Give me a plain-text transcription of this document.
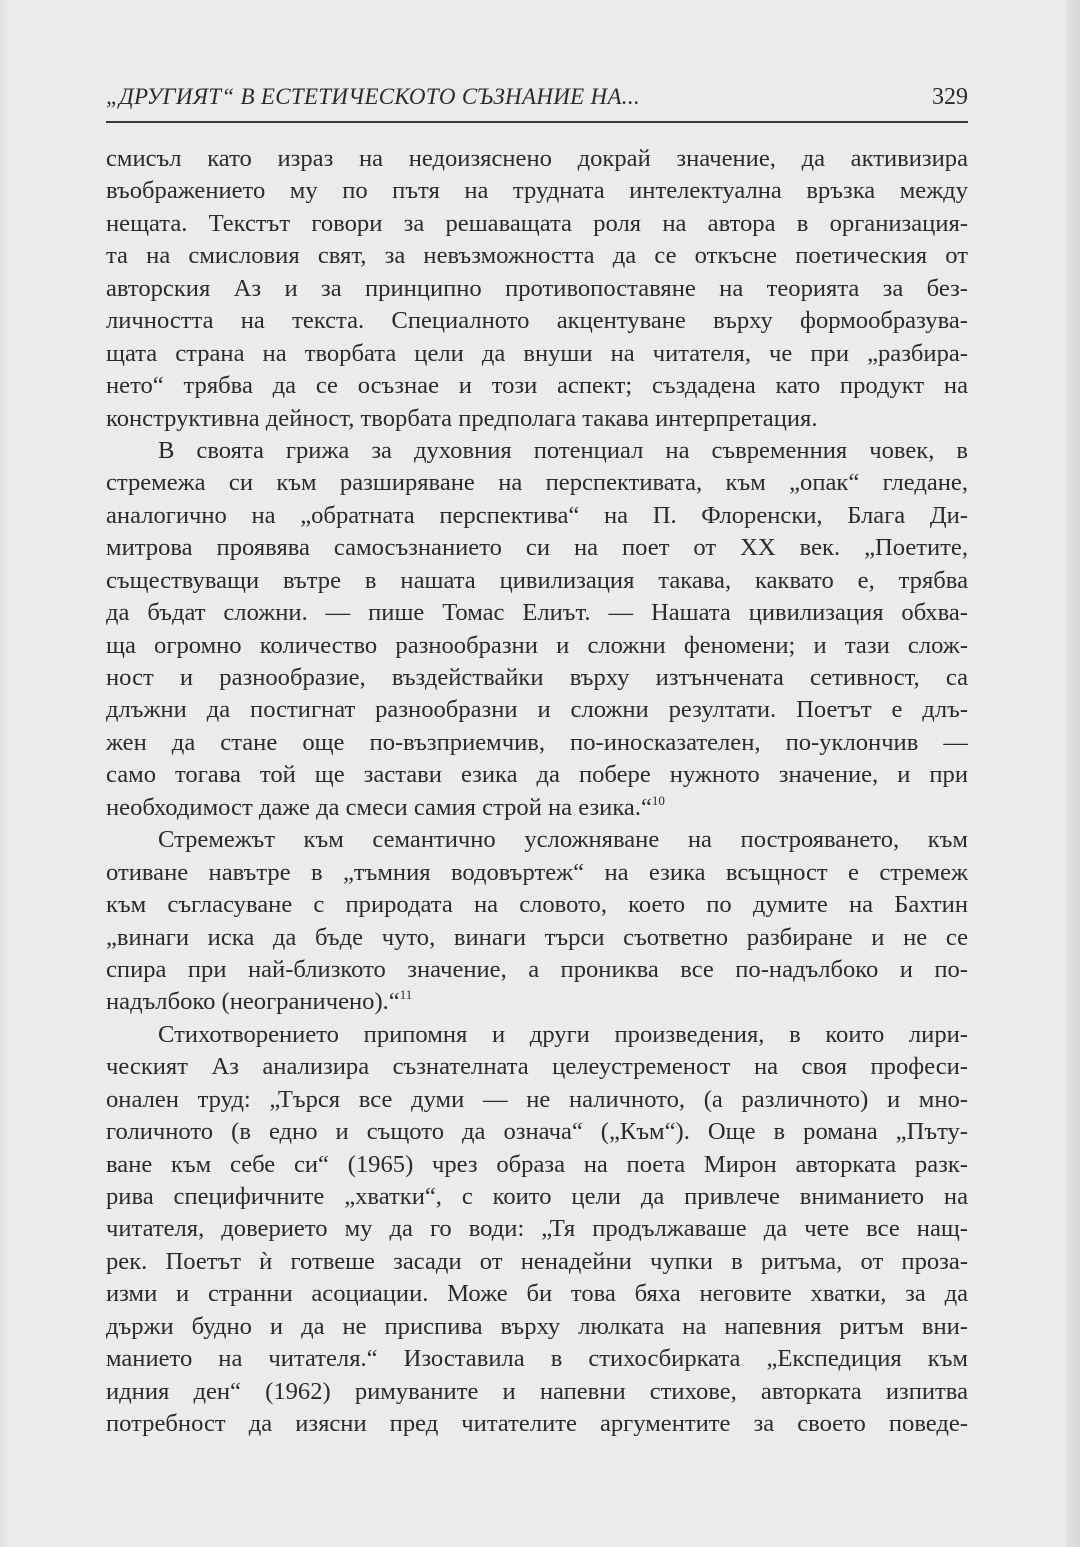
„ДРУГИЯТ“ В ЕСТЕТИЧЕСКОТО СЪЗНАНИЕ НА...	329
смисъл като израз на недоизяснено докрай значение, да активизира
въображението му по пътя на трудната интелектуална връзка между
нещата. Текстът говори за решаващата роля на автора в организация-
та на смисловия свят, за невъзможността да се откъсне поетическия от
авторския Аз и за принципно противопоставяне на теорията за без-
личността на текста. Специалното акцентуване върху формообразува-
щата страна на творбата цели да внуши на читателя, че при „разбира-
нето“ трябва да се осъзнае и този аспект; създадена като продукт на
конструктивна дейност, творбата предполага такава интерпретация.
В своята грижа за духовния потенциал на съвременния човек, в
стремежа си към разширяване на перспективата, към „опак“ гледане,
аналогично на „обратната перспектива“ на П. Флоренски, Блага Ди-
митрова проявява самосъзнанието си на поет от XX век. „Поетите,
съществуващи вътре в нашата цивилизация такава, каквато е, трябва
да бъдат сложни. — пише Томас Елиът. — Нашата цивилизация обхва-
ща огромно количество разнообразни и сложни феномени; и тази слож-
ност и разнообразие, въздействайки върху изтънчената сетивност, са
длъжни да постигнат разнообразни и сложни резултати. Поетът е длъ-
жен да стане още по-възприемчив, по-иносказателен, по-уклончив —
само тогава той ще застави езика да побере нужното значение, и при
необходимост даже да смеси самия строй на езика.“$^{10}$
Стремежът към семантично усложняване на построяването, към
отиване навътре в „тъмния водовъртеж“ на езика всъщност е стремеж
към съгласуване с природата на словото, което по думите на Бахтин
„винаги иска да бъде чуто, винаги търси съответно разбиране и не се
спира при най-близкото значение, а прониква все по-надълбоко и по-
надълбоко (неограничено).“$^{11}$
Стихотворението припомня и други произведения, в които лири-
ческият Аз анализира съзнателната целеустременост на своя професи-
онален труд: „Търся все думи — не наличното, (а различното) и мно-
голичното (в едно и същото да означа“ („Към“). Още в романа „Пъту-
ване към себе си“ (1965) чрез образа на поета Мирон авторката разк-
рива специфичните „хватки“, с които цели да привлече вниманието на
читателя, доверието му да го води: „Тя продължаваше да чете все нащ-
рек. Поетът ѝ готвеше засади от ненадейни чупки в ритъма, от проза-
изми и странни асоциации. Може би това бяха неговите хватки, за да
държи будно и да не приспива върху люлката на напевния ритъм вни-
манието на читателя.“ Изоставила в стихосбирката „Експедиция към
идния ден“ (1962) римуваните и напевни стихове, авторката изпитва
потребност да изясни пред читателите аргументите за своето поведе-
